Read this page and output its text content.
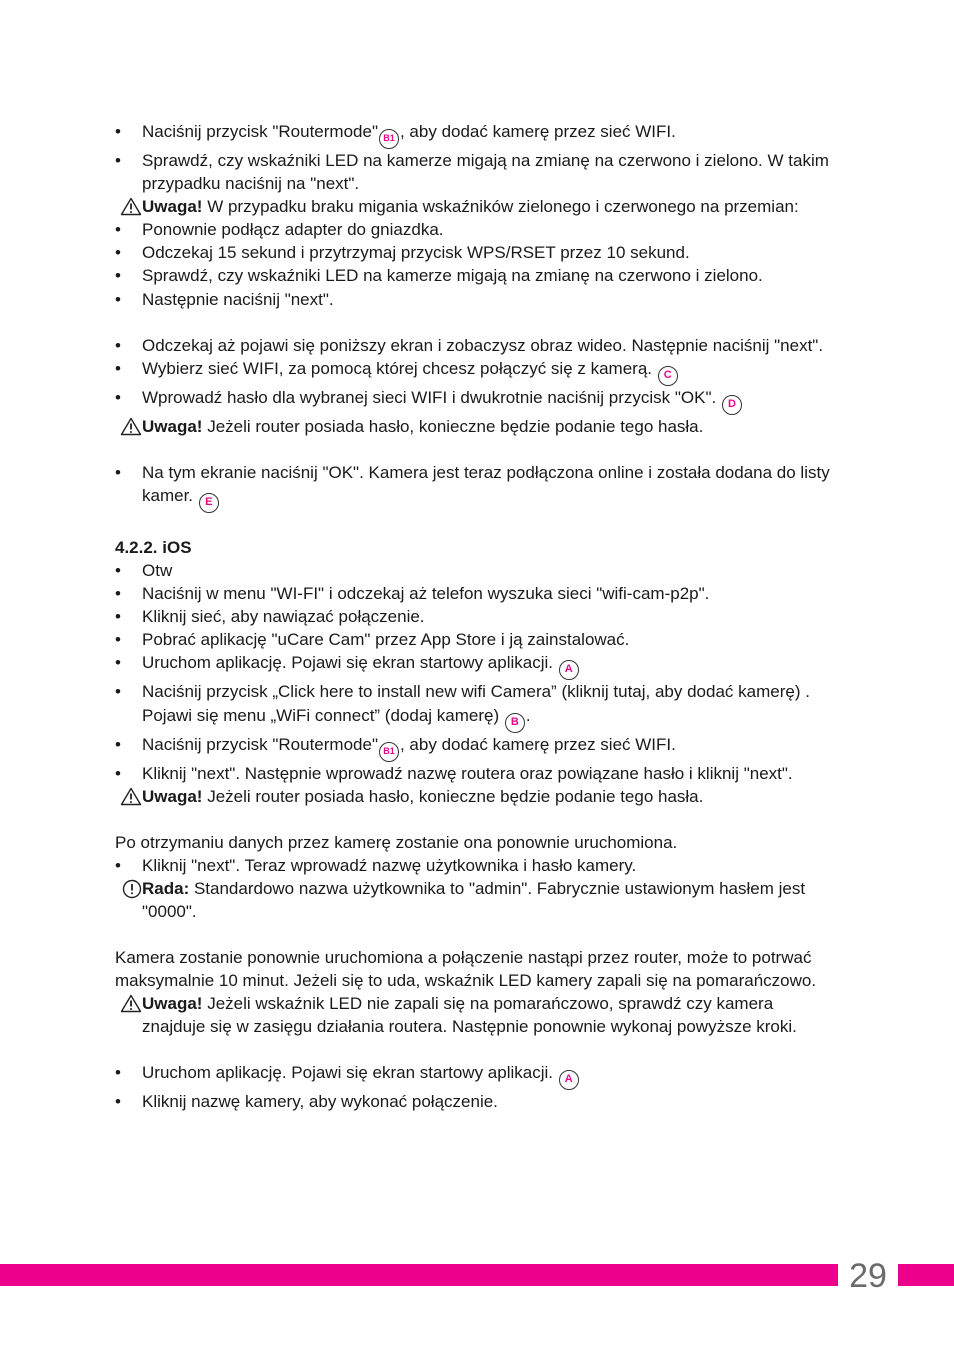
• Naciśnij przycisk "Routermode" B1 , aby dodać kamerę przez sieć WIFI.
• Sprawdź, czy wskaźniki LED na kamerze migają na zmianę na czerwono i zielono. W takim przypadku naciśnij na "next".
Uwaga! W przypadku braku migania wskaźników zielonego i czerwonego na przemian:
• Ponownie podłącz adapter do gniazdka.
• Odczekaj 15 sekund i przytrzymaj przycisk WPS/RSET przez 10 sekund.
• Sprawdź, czy wskaźniki LED na kamerze migają na zmianę na czerwono i zielono.
• Następnie naciśnij "next".
• Odczekaj aż pojawi się poniższy ekran i zobaczysz obraz wideo. Następnie naciśnij "next".
• Wybierz sieć WIFI, za pomocą której chcesz połączyć się z kamerą. C
• Wprowadź hasło dla wybranej sieci WIFI i dwukrotnie naciśnij przycisk "OK". D
Uwaga! Jeżeli router posiada hasło, konieczne będzie podanie tego hasła.
• Na tym ekranie naciśnij "OK". Kamera jest teraz podłączona online i została dodana do listy kamer. E
4.2.2. iOS
• Otw
• Naciśnij w menu "WI-FI" i odczekaj aż telefon wyszuka sieci "wifi-cam-p2p".
• Kliknij sieć, aby nawiązać połączenie.
• Pobrać aplikację "uCare Cam" przez App Store i ją zainstalować.
• Uruchom aplikację. Pojawi się ekran startowy aplikacji. A
• Naciśnij przycisk „Click here to install new wifi Camera” (kliknij tutaj, aby dodać kamerę) . Pojawi się menu „WiFi connect” (dodaj kamerę) B .
• Naciśnij przycisk "Routermode" B1 , aby dodać kamerę przez sieć WIFI.
• Kliknij "next". Następnie wprowadź nazwę routera oraz powiązane hasło i kliknij "next".
Uwaga! Jeżeli router posiada hasło, konieczne będzie podanie tego hasła.
Po otrzymaniu danych przez kamerę zostanie ona ponownie uruchomiona.
• Kliknij "next". Teraz wprowadź nazwę użytkownika i hasło kamery.
Rada: Standardowo nazwa użytkownika to "admin". Fabrycznie ustawionym hasłem jest "0000".
Kamera zostanie ponownie uruchomiona a połączenie nastąpi przez router, może to potrwać maksymalnie 10 minut. Jeżeli się to uda, wskaźnik LED kamery zapali się na pomarańczowo.
Uwaga! Jeżeli wskaźnik LED nie zapali się na pomarańczowo, sprawdź czy kamera znajduje się w zasięgu działania routera. Następnie ponownie wykonaj powyższe kroki.
• Uruchom aplikację. Pojawi się ekran startowy aplikacji. A
• Kliknij nazwę kamery, aby wykonać połączenie.
29
